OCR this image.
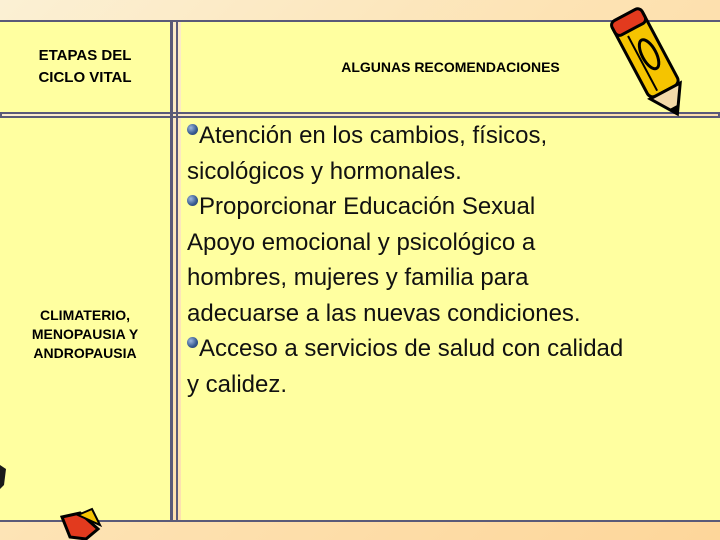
ETAPAS DEL
CICLO VITAL
ALGUNAS RECOMENDACIONES
CLIMATERIO,
MENOPAUSIA Y
ANDROPAUSIA
Atención en los cambios, físicos,
sicológicos y hormonales.
Proporcionar Educación Sexual
Apoyo emocional y psicológico a
hombres, mujeres y familia para
adecuarse a las nuevas condiciones.
Acceso a servicios de salud con calidad
y calidez.
